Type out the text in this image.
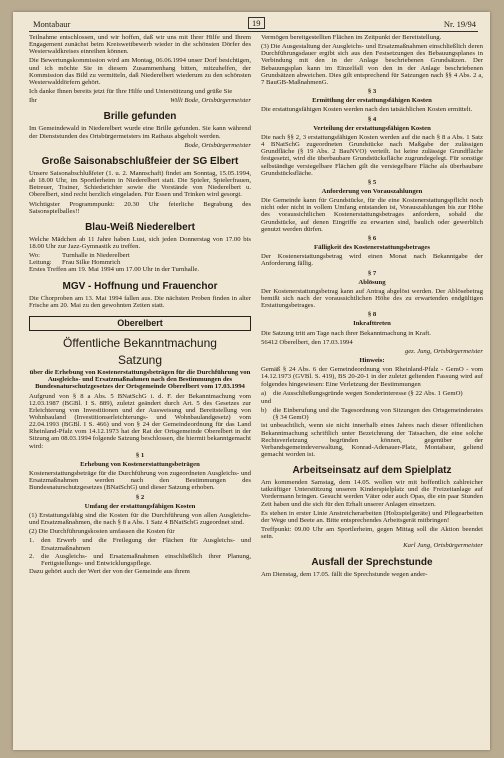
Montabaur	19	Nr. 19/94

Teilnahme entschlossen, und wir hoffen, daß wir uns mit Ihrer Hilfe und Ihrem Engagement zunächst beim Kreiswettbewerb wieder in die schönsten Dörfer des Westerwaldkreises einreihen können.

Die Bewertungskommission wird am Montag, 06.06.1994 unser Dorf besichtigen, und ich möchte Sie in diesem Zusammenhang bitten, mitzuhelfen, der Kommission das Bild zu vermitteln, daß Niederelbert wiederum zu den schönsten Westerwalddörfern gehört.

Ich danke Ihnen bereits jetzt für Ihre Hilfe und Unterstützung und grüße Sie

Ihr	Willi Bode, Ortsbürgermeister

Brille gefunden

Im Gemeindewald in Niederelbert wurde eine Brille gefunden. Sie kann während der Dienststunden des Ortsbürgermeisters im Rathaus abgeholt werden.

Bode, Ortsbürgermeister

Große Saisonabschlußfeier der SG Elbert

Unsere Saisonabschlußfeier (1. u. 2. Mannschaft) findet am Sonntag, 15.05.1994, ab 18.00 Uhr, im Sportlerheim in Niederelbert statt. Die Spieler, Spielerfrauen, Betreuer, Trainer, Schiedsrichter sowie die Vorstände von Niederelbert u. Oberelbert, sind recht herzlich eingeladen. Für Essen und Trinken wird gesorgt.

Wichtigster Programmpunkt: 20.30 Uhr feierliche Begrabung des Saisonspielballes!!

Blau-Weiß Niederelbert

Welche Mädchen ab 11 Jahre haben Lust, sich jeden Donnerstag von 17.00 bis 18.00 Uhr zur Jazz-Gymnastik zu treffen.

Wo:	Turnhalle in Niederelbert
Leitung:	Frau Silke Hommrich

Erstes Treffen am 19. Mai 1994 um 17.00 Uhr in der Turnhalle.

MGV - Hoffnung und Frauenchor

Die Chorproben am 13. Mai 1994 fallen aus. Die nächsten Proben finden in alter Frische am 20. Mai zu den gewohnten Zeiten statt.

Oberelbert
Öffentliche Bekanntmachung
Satzung

über die Erhebung von Kostenerstattungsbeträgen für die Durchführung von Ausgleichs- und Ersatzmaßnahmen nach den Bestimmungen des Bundesnaturschutzgesetzes der Ortsgemeinde Oberelbert vom 17.03.1994

Aufgrund von § 8 a Abs. 5 BNatSchG i. d. F. der Bekanntmachung vom 12.03.1987 (BGBl. I S. 889), zuletzt geändert durch Art. 5 des Gesetzes zur Erleichterung von Investitionen und der Ausweisung und Bereitstellung von Wohnbauland (Investitionserleichterungs- und Wohnbaulandgesetz) vom 22.04.1993 (BGBl. I S. 466) und von § 24 der Gemeindeordnung für das Land Rheinland-Pfalz vom 14.12.1973 hat der Rat der Ortsgemeinde Oberelbert in der Sitzung am 08.03.1994 folgende Satzung beschlossen, die hiermit bekanntgemacht wird:

§ 1

Erhebung von Kostenerstattungsbeträgen

Kostenerstattungsbeträge für die Durchführung von zugeordneten Ausgleichs- und Ersatzmaßnahmen werden nach den Bestimmungen des Bundesnaturschutzgesetzes (BNatSchG) und dieser Satzung erhoben.

§ 2

Umfang der erstattungsfähigen Kosten

(1) Erstattungsfähig sind die Kosten für die Durchführung von allen Ausgleichs- und Ersatzmaßnahmen, die nach § 8 a Abs. 1 Satz 4 BNatSchG zugeordnet sind.

(2) Die Durchführungskosten umfassen die Kosten für

1.	den Erwerb und die Freilegung der Flächen für Ausgleichs- und Ersatzmaßnahmen
2.	die Ausgleichs- und Ersatzmaßnahmen einschließlich ihrer Planung, Fertigstellungs- und Entwicklungspflege.

Dazu gehört auch der Wert der von der Gemeinde aus ihrem

Vermögen bereitgestellten Flächen im Zeitpunkt der Bereitstellung.

(3) Die Ausgestaltung der Ausgleichs- und Ersatzmaßnahmen einschließlich deren Durchführungsdauer ergibt sich aus den Festsetzungen des Bebauungsplanes in Verbindung mit den in der Anlage beschriebenen Grundsätzen. Der Bebauungsplan kann im Einzelfall von den in der Anlage beschriebenen Grundsätzen abweichen. Dies gilt entsprechend für Satzungen nach §§ 4 Abs. 2 a, 7 BauGB-MaßnahmenG.

§ 3

Ermittlung der erstattungsfähigen Kosten

Die erstattungsfähigen Kosten werden nach den tatsächlichen Kosten ermittelt.

§ 4

Verteilung der erstattungsfähigen Kosten

Die nach §§ 2, 3 erstattungsfähigen Kosten werden auf die nach § 8 a Abs. 1 Satz 4 BNatSchG zugeordneten Grundstücke nach Maßgabe der zulässigen Grundfläche (§ 19 Abs. 2 BauNVO) verteilt. Ist keine zulässige Grundfläche festgesetzt, wird die überbaubare Grundstücksfläche zugrundegelegt. Für sonstige selbständige versiegelbare Flächen gilt die versiegelbare Fläche als überbaubare Grundstücksfläche.

§ 5

Anforderung von Vorauszahlungen

Die Gemeinde kann für Grundstücke, für die eine Kostenerstattungspflicht noch nicht oder nicht in vollem Umfang entstanden ist, Vorauszahlungen bis zur Höhe des voraussichtlichen Kostenerstattungsbetrages anfordern, sobald die Grundstücke, auf denen Eingriffe zu erwarten sind, baulich oder gewerblich genutzt werden dürfen.

§ 6

Fälligkeit des Kostenerstattungsbetrages

Der Kostenerstattungsbetrag wird einen Monat nach Bekanntgabe der Anforderung fällig.

§ 7

Ablösung

Der Kostenerstattungsbetrag kann auf Antrag abgelöst werden. Der Ablösebetrag bemißt sich nach der voraussichtlichen Höhe des zu erwartenden endgültigen Erstattungsbetrages.

§ 8

Inkrafttreten

Die Satzung tritt am Tage nach ihrer Bekanntmachung in Kraft.

56412 Oberelbert, den 17.03.1994

gez. Jung, Ortsbürgermeister

Hinweis:

Gemäß § 24 Abs. 6 der Gemeindeordnung von Rheinland-Pfalz - GemO - vom 14.12.1973 (GVBl. S. 419), BS 20-20-1 in der zuletzt geltenden Fassung wird auf folgendes hingewiesen: Eine Verletzung der Bestimmungen

a)	die Ausschließungsgründe wegen Sonderinteresse (§ 22 Abs. 1 GemO)

und

b) die Einberufung und die Tagesordnung von Sitzungen des Ortsgemeinderates (§ 34 GemO)

ist unbeachtlich, wenn sie nicht innerhalb eines Jahres nach dieser öffentlichen Bekanntmachung schriftlich unter Bezeichnung der Tatsachen, die eine solche Rechtsverletzung begründen können, gegenüber der Verbandsgemeindeverwaltung, Konrad-Adenauer-Platz, Montabaur, geltend gemacht worden ist.

Arbeitseinsatz auf dem Spielplatz

Am kommenden Samstag, dem 14.05. wollen wir mit hoffentlich zahlreicher tatkräftiger Unterstützung unseren Kinderspielplatz und die Freizeitanlage auf Vordermann bringen. Gesucht werden Väter oder auch Opas, die ein paar Stunden Zeit haben und die sich für den Erhalt unserer Anlagen einsetzen.

Es stehen in erster Linie Anstreicherarbeiten (Holzspielgeräte) und Pflegearbeiten der Wege und Beete an. Bitte entsprechendes Arbeitsgerät mitbringen!

Treffpunkt: 09.00 Uhr am Sportlerheim, gegen Mittag soll die Aktion beendet sein.

Karl Jung, Ortsbürgermeister

Ausfall der Sprechstunde

Am Dienstag, dem 17.05. fällt die Sprechstunde wegen ander-
